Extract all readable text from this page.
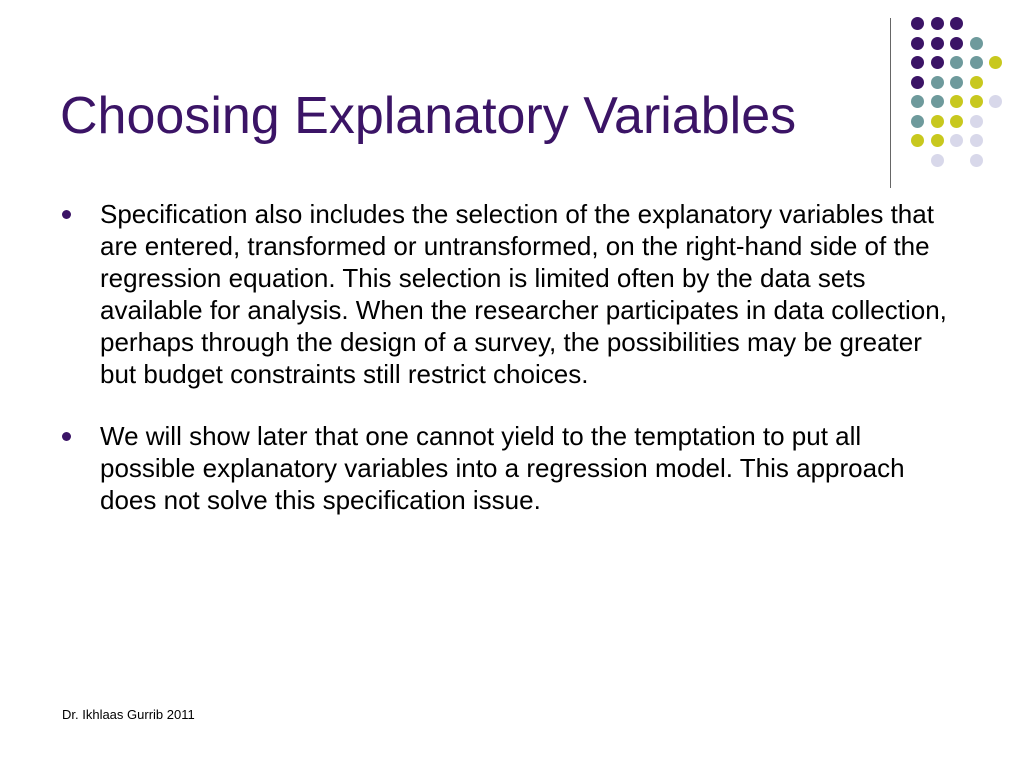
Choosing Explanatory Variables
Specification also includes the selection of the explanatory variables that are entered, transformed or untransformed, on the right-hand side of the regression equation. This selection is limited often by the data sets available for analysis. When the researcher participates in data collection, perhaps through the design of a survey, the possibilities may be greater but budget constraints still restrict choices.
We will show later that one cannot yield to the temptation to put all possible explanatory variables into a regression model. This approach does not solve this specification issue.
Dr. Ikhlaas Gurrib 2011
